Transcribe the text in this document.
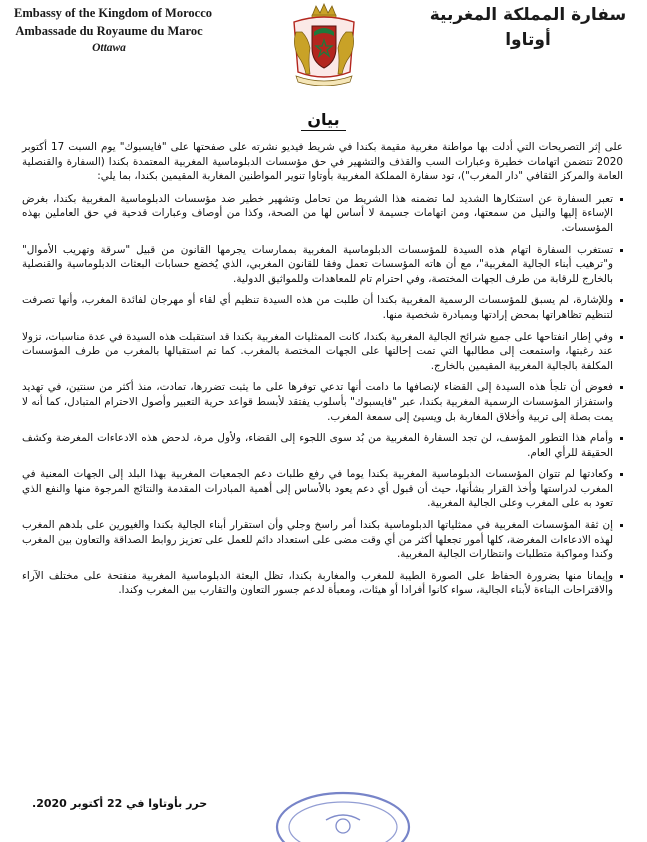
Embassy of the Kingdom of Morocco
Ambassade du Royaume du Maroc
Ottawa
سفارة المملكة المغربية
أوتاوا
بيان

على إثر التصريحات التي أدلت بها مواطنة مغربية مقيمة بكندا في شريط فيديو نشرته على صفحتها على "فايسبوك" يوم السبت 17 أكتوبر 2020 تتضمن اتهامات خطيرة وعبارات السب والقذف والتشهير في حق مؤسسات الدبلوماسية المغربية المعتمدة بكندا (السفارة والقنصلية العامة والمركز الثقافي "دار المغرب")، تود سفارة المملكة المغربية بأوتاوا تنوير المواطنين المغاربة المقيمين بكندا، بما يلي:

تعبر السفارة عن استنكارها الشديد لما تضمنه هذا الشريط من تحامل وتشهير خطير ضد مؤسسات الدبلوماسية المغربية بكندا، بغرض الإساءة إليها والنيل من سمعتها، ومن اتهامات جسيمة لا أساس لها من الصحة، وكذا من أوصاف وعبارات قدحية في حق العاملين بهذه المؤسسات.

تستغرب السفارة اتهام هذه السيدة للمؤسسات الدبلوماسية المغربية بممارسات يجرمها القانون من قبيل "سرقة وتهريب الأموال" و"ترهيب أبناء الجالية المغربية"، مع أن هاته المؤسسات تعمل وفقا للقانون المغربي، الذي يُخضع حسابات البعثات الدبلوماسية والقنصلية بالخارج للرقابة من طرف الجهات المختصة، وفي احترام تام للمعاهدات وللمواثيق الدولية.

وللإشارة، لم يسبق للمؤسسات الرسمية المغربية بكندا أن طلبت من هذه السيدة تنظيم أي لقاء أو مهرجان لفائدة المغرب، وأنها تصرفت لتنظيم تظاهراتها بمحض إرادتها وبمبادرة شخصية منها.

وفي إطار انفتاحها على جميع شرائح الجالية المغربية بكندا، كانت الممثليات المغربية بكندا قد استقبلت هذه السيدة في عدة مناسبات، نزولا عند رغبتها، واستمعت إلى مطالبها التي تمت إحالتها على الجهات المختصة بالمغرب. كما تم استقبالها بالمغرب من طرف المؤسسات المكلفة بالجالية المغربية المقيمين بالخارج.

فعوض أن تلجأ هذه السيدة إلى القضاء لإنصافها ما دامت أنها تدعي توفرها على ما يثبت تضررها، تمادت، منذ أكثر من سنتين، في تهديد واستفزاز المؤسسات الرسمية المغربية بكندا، عبر "فايسبوك" بأسلوب يفتقد لأبسط قواعد حرية التعبير وأصول الاحترام المتبادل، كما أنه لا يمت بصلة إلى تربية وأخلاق المغاربة بل ويسيئ إلى سمعة المغرب.

وأمام هذا التطور المؤسف، لن تجد السفارة المغربية من بُد سوى اللجوء إلى القضاء، ولأول مرة، لدحض هذه الادعاءات المغرضة وكشف الحقيقة للرأي العام.

وكعادتها لم تتوان المؤسسات الدبلوماسية المغربية بكندا يوما في رفع طلبات دعم الجمعيات المغربية بهذا البلد إلى الجهات المعنية في المغرب لدراستها وأخذ القرار بشأنها، حيث أن قبول أي دعم يعود بالأساس إلى أهمية المبادرات المقدمة والنتائج المرجوة منها والنفع الذي تعود به على المغرب وعلى الجالية المغربية.

إن ثقة المؤسسات المغربية في ممثلياتها الدبلوماسية بكندا أمر راسخ وجلي وأن استقرار أبناء الجالية بكندا والغيورين على بلدهم المغرب لهذه الادعاءات المغرضة، كلها أمور تجعلها أكثر من أي وقت مضى على استعداد دائم للعمل على تعزيز روابط الصداقة والتعاون بين المغرب وكندا ومواكبة متطلبات وانتظارات الجالية المغربية.

وإيمانا منها بضرورة الحفاظ على الصورة الطيبة للمغرب والمغاربة بكندا، تظل البعثة الدبلوماسية المغربية منفتحة على مختلف الآراء والاقتراحات البناءة لأبناء الجالية، سواء كانوا أفرادا أو هيئات، ومعبأة لدعم جسور التعاون والتقارب بين المغرب وكندا.

حرر بأوتاوا في 22 أكتوبر 2020.
